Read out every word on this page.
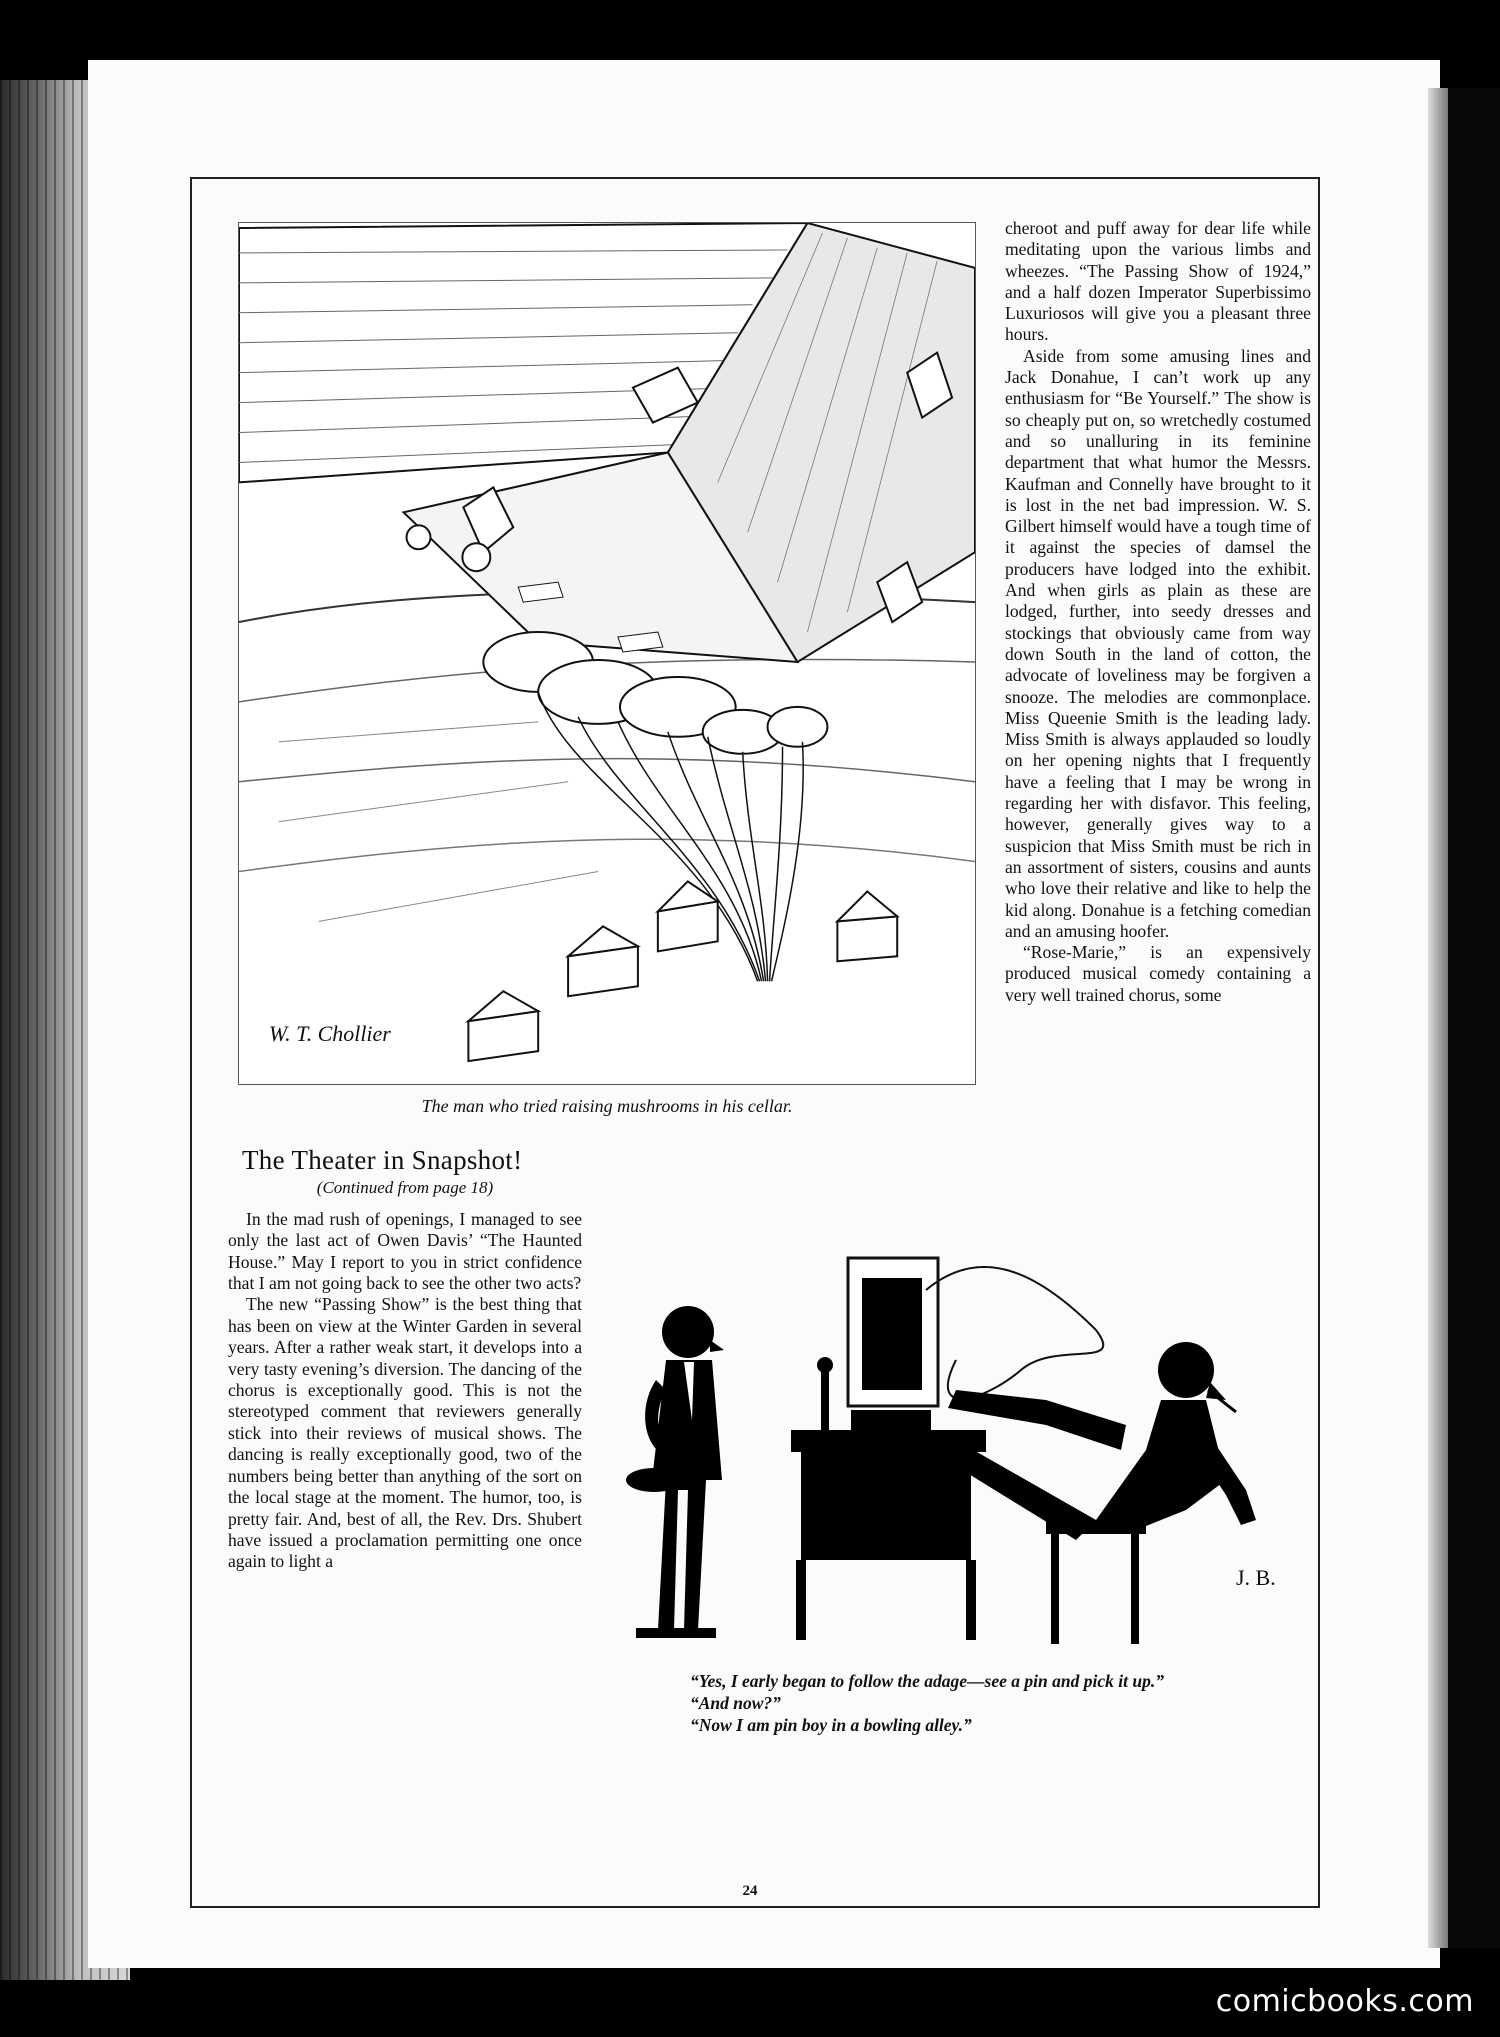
W. T. Chollier
The man who tried raising mushrooms in his cellar.

cheroot and puff away for dear life while meditating upon the various limbs and wheezes. “The Passing Show of 1924,” and a half dozen Imperator Superbissimo Luxuriosos will give you a pleasant three hours.

Aside from some amusing lines and Jack Donahue, I can’t work up any enthusiasm for “Be Yourself.” The show is so cheaply put on, so wretchedly costumed and so unalluring in its feminine department that what humor the Messrs. Kaufman and Connelly have brought to it is lost in the net bad impression. W. S. Gilbert himself would have a tough time of it against the species of damsel the producers have lodged into the exhibit. And when girls as plain as these are lodged, further, into seedy dresses and stockings that obviously came from way down South in the land of cotton, the advocate of loveliness may be forgiven a snooze. The melodies are commonplace. Miss Queenie Smith is the leading lady. Miss Smith is always applauded so loudly on her opening nights that I frequently have a feeling that I may be wrong in regarding her with disfavor. This feeling, however, generally gives way to a suspicion that Miss Smith must be rich in an assortment of sisters, cousins and aunts who love their relative and like to help the kid along. Donahue is a fetching comedian and an amusing hoofer.

“Rose-Marie,” is an expensively produced musical comedy containing a very well trained chorus, some

The Theater in Snapshot!
(Continued from page 18)

In the mad rush of openings, I managed to see only the last act of Owen Davis’ “The Haunted House.” May I report to you in strict confidence that I am not going back to see the other two acts?

The new “Passing Show” is the best thing that has been on view at the Winter Garden in several years. After a rather weak start, it develops into a very tasty evening’s diversion. The dancing of the chorus is exceptionally good. This is not the stereotyped comment that reviewers generally stick into their reviews of musical shows. The dancing is really exceptionally good, two of the numbers being better than anything of the sort on the local stage at the moment. The humor, too, is pretty fair. And, best of all, the Rev. Drs. Shubert have issued a proclamation permitting one once again to light a

J. B.
“Yes, I early began to follow the adage—see a pin and pick it up.”
“And now?”
“Now I am pin boy in a bowling alley.”
24
comicbooks.com
